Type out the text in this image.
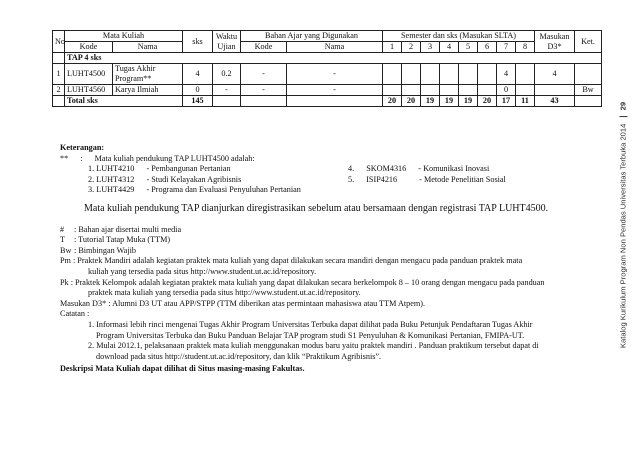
No	Mata Kuliah		sks	Waktu Ujian	Bahan Ajar yang Digunakan		Semester dan sks (Masukan SLTA)								Masukan D3*	Ket.
	Kode	Nama			Kode	Nama	1	2	3	4	5	6	7	8		
	TAP 4 sks															
1	LUHT4500	Tugas Akhir Program**	4	0.2	-	-							4		4	
2	LUHT4560	Karya Ilmiah	0	-	-	-							0			Bw
	Total sks		145				20	20	19	19	19	20	17	11	43	
Keterangan:
** : Mata kuliah pendukung TAP LUHT4500 adalah:
1. LUHT4210 - Pembangunan Pertanian
2. LUHT4312 - Studi Kelayakan Agribisnis
3. LUHT4429 - Programa dan Evaluasi Penyuluhan Pertanian
4. SKOM4316 - Komunikasi Inovasi
5. ISIP4216	- Metode Penelitian Sosial
Mata kuliah pendukung TAP dianjurkan diregistrasikan sebelum atau bersamaan dengan registrasi TAP LUHT4500.
# : Bahan ajar disertai multi media
T : Tutorial Tatap Muka (TTM)
Bw : Bimbingan Wajib
Pm : Praktek Mandiri adalah kegiatan praktek mata kuliah yang dapat dilakukan secara mandiri dengan mengacu pada panduan praktek mata
kuliah yang tersedia pada situs http://www.student.ut.ac.id/repository.
Pk : Praktek Kelompok adalah kegiatan praktek mata kuliah yang dapat dilakukan secara berkelompok 8 – 10 orang dengan mengacu pada panduan
praktek mata kuliah yang tersedia pada situs http://www.student.ut.ac.id/repository.
Masukan D3* : Alumni D3 UT atau APP/STPP (TTM diberikan atas permintaan mahasiswa atau TTM Atpem).
Catatan :
1. Informasi lebih rinci mengenai Tugas Akhir Program Universitas Terbuka dapat dilihat pada Buku Petunjuk Pendaftaran Tugas Akhir
Program Universitas Terbuka dan Buku Panduan Belajar TAP program studi S1 Penyuluhan & Komunikasi Pertanian, FMIPA-UT.
2. Mulai 2012.1, pelaksanaan praktek mata kuliah menggunakan modus baru yaitu praktek mandiri . Panduan praktikum tersebut dapat di
download pada situs http://student.ut.ac.id/repository, dan klik “Praktikum Agribisnis”.
Deskripsi Mata Kuliah dapat dilihat di Situs masing-masing Fakultas.
Katalog Kurikulum Program Non Pendas Universitas Terbuka 2014  29
